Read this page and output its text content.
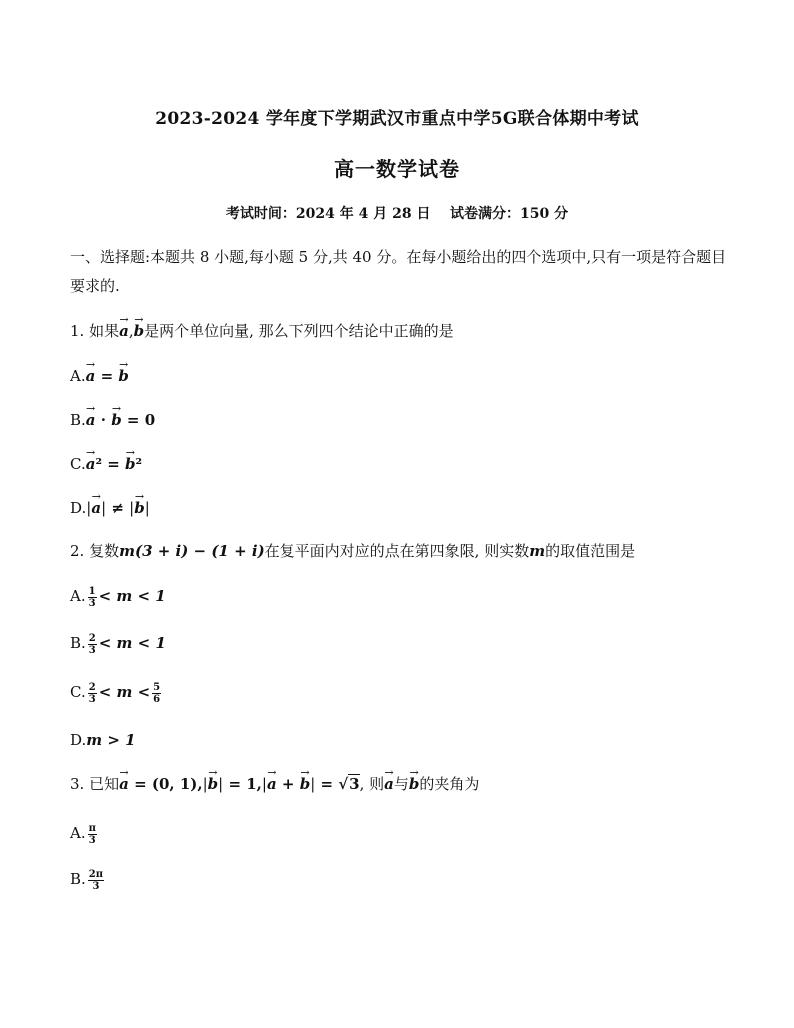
2023-2024 学年度下学期武汉市重点中学5G联合体期中考试
高一数学试卷
考试时间：2024 年 4 月 28 日 试卷满分：150 分
一、选择题:本题共 8 小题,每小题 5 分,共 40 分。在每小题给出的四个选项中,只有一项是符合题目要求的.
1. 如果→ a,→ b是两个单位向量, 那么下列四个结论中正确的是
A.→ a = → b
B.→ a · → b = 0
C.→ a² = → b²
D.|→ a| ≠ |→ b|
2. 复数m(3 + i) − (1 + i)在复平面内对应的点在第四象限, 则实数m的取值范围是
A. $\frac{1}{3} < m < 1$
B. $\frac{2}{3} < m < 1$
C. $\frac{2}{3} < m < \frac{5}{6}$
D.m > 1
3. 已知→ a = (0, 1),|→ b| = 1,|→ a + → b| = √3, 则→ a与→ b的夹角为
A. $\frac{\pi}{3}$
B. $\frac{2\pi}{3}$
